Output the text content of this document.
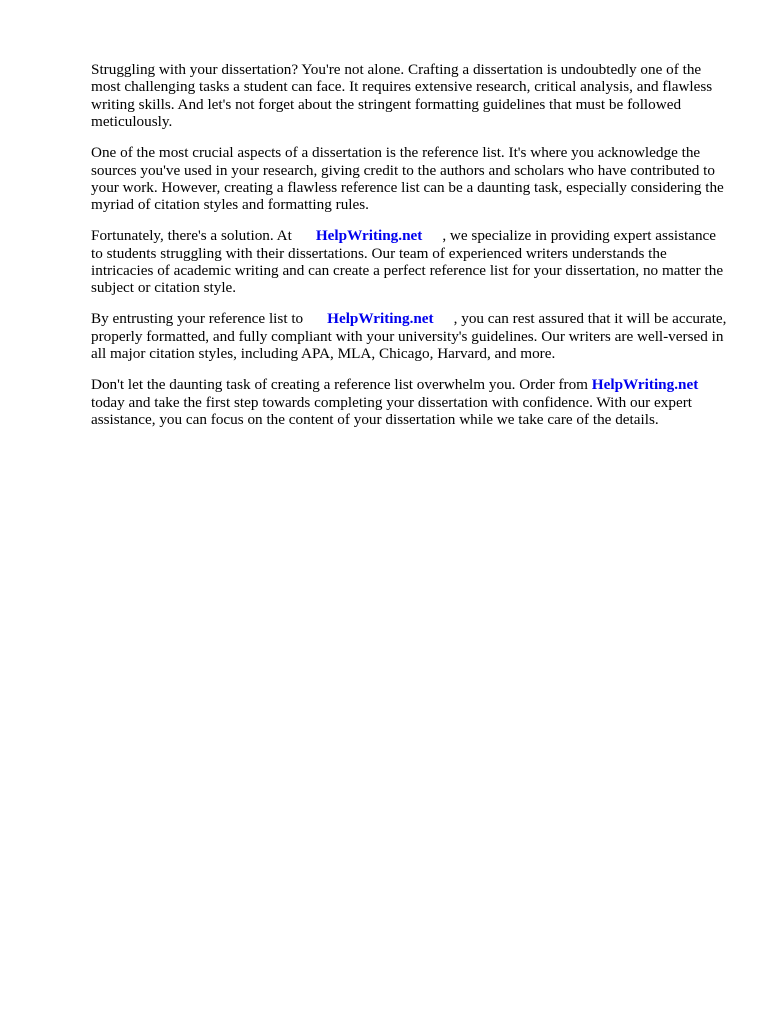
Struggling with your dissertation? You're not alone. Crafting a dissertation is undoubtedly one of the most challenging tasks a student can face. It requires extensive research, critical analysis, and flawless writing skills. And let's not forget about the stringent formatting guidelines that must be followed meticulously.

One of the most crucial aspects of a dissertation is the reference list. It's where you acknowledge the sources you've used in your research, giving credit to the authors and scholars who have contributed to your work. However, creating a flawless reference list can be a daunting task, especially considering the myriad of citation styles and formatting rules.

Fortunately, there's a solution. At HelpWriting.net , we specialize in providing expert assistance to students struggling with their dissertations. Our team of experienced writers understands the intricacies of academic writing and can create a perfect reference list for your dissertation, no matter the subject or citation style.

By entrusting your reference list to HelpWriting.net , you can rest assured that it will be accurate, properly formatted, and fully compliant with your university's guidelines. Our writers are well-versed in all major citation styles, including APA, MLA, Chicago, Harvard, and more.

Don't let the daunting task of creating a reference list overwhelm you. Order from HelpWriting.nettoday and take the first step towards completing your dissertation with confidence. With our expert assistance, you can focus on the content of your dissertation while we take care of the details.
